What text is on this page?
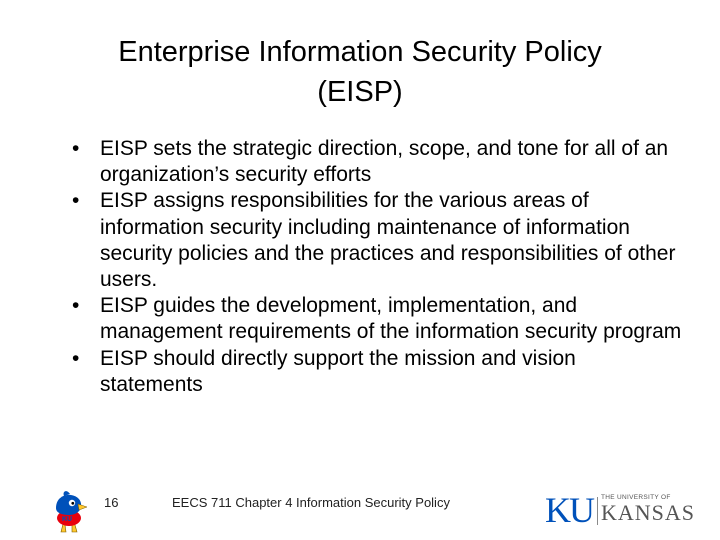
Enterprise Information Security Policy
(EISP)
• EISP sets the strategic direction, scope, and tone for all of an organization’s security efforts
• EISP assigns responsibilities for the various areas of information security including maintenance of information security policies and the practices and responsibilities of other users.
• EISP guides the development, implementation, and management requirements of the information security program
• EISP should directly support the mission and vision statements
KU
16	EECS 711 Chapter 4 Information Security Policy	KU THE UNIVERSITY OF
KANSAS
